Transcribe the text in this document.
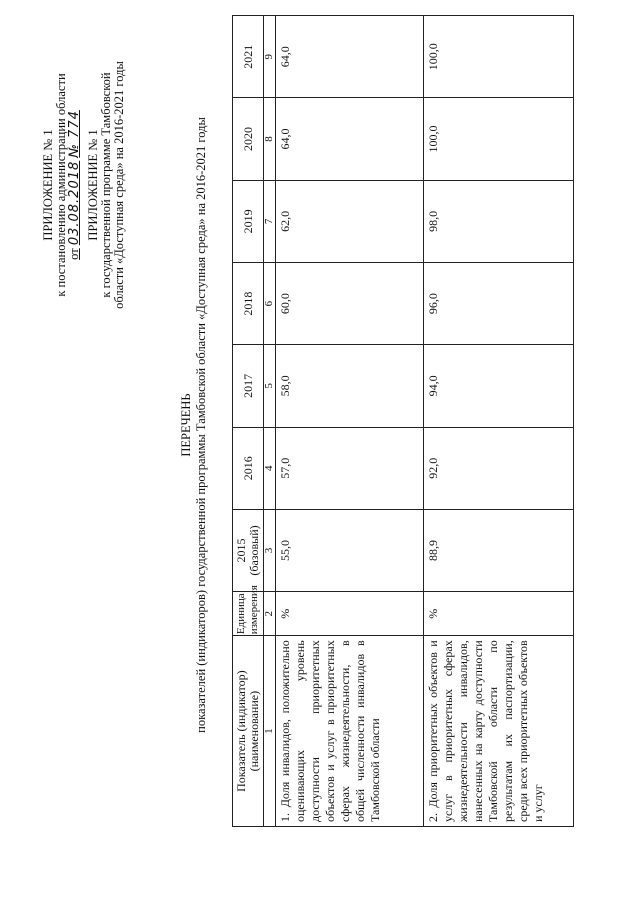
ПРИЛОЖЕНИЕ № 1 к постановлению администрации области от 03.08.2018 № 774 ПРИЛОЖЕНИЕ № 1 к государственной программе Тамбовской области «Доступная среда» на 2016-2021 годы
ПЕРЕЧЕНЬ показателей (индикаторов) государственной программы Тамбовской области «Доступная среда» на 2016-2021 годы Показатель (индикатор) (наименование)	Единица измерения	2015 (базовый)	2016	2017	2018	2019	2020	2021
1	2	3	4	5	6	7	8	9
1. Доля инвалидов, положительно оценивающих уровень доступности приоритетных объектов и услуг в приоритетных сферах жизнедеятельности, в общей численности инвалидов в Тамбовской области	%	55,0	57,0	58,0	60,0	62,0	64,0	64,0
2. Доля приоритетных объектов и услуг в приоритетных сферах жизнедеятельности инвалидов, нанесенных на карту доступности Тамбовской области по результатам их паспортизации, среди всех приоритетных объектов и услуг	%	88,9	92,0	94,0	96,0	98,0	100,0	100,0
